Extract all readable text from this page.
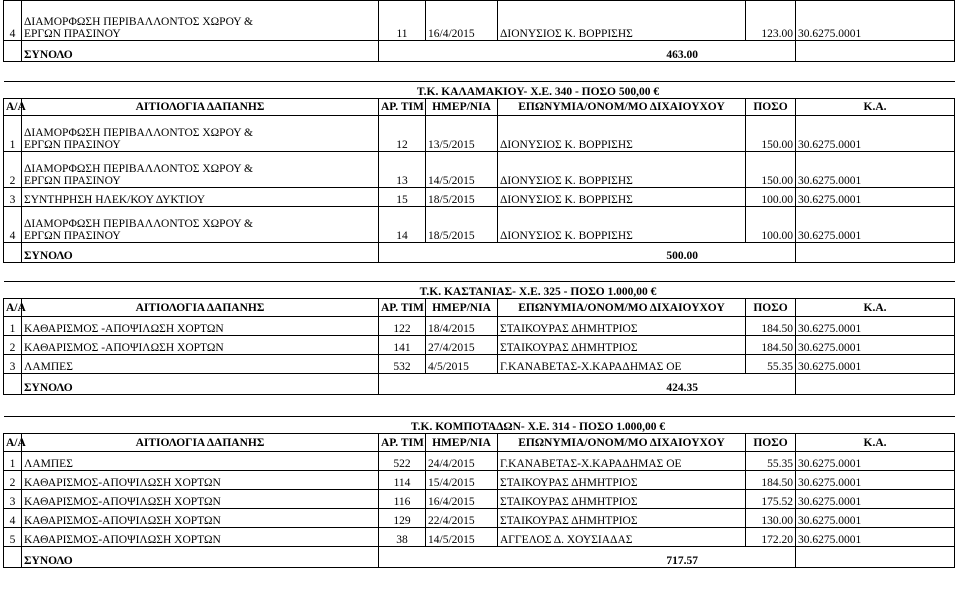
4	ΔΙΑΜΟΡΦΩΣΗ ΠΕΡΙΒΑΛΛΟΝΤΟΣ ΧΩΡΟΥ &
ΕΡΓΩΝ ΠΡΑΣΙΝΟΥ	11	16/4/2015	ΔΙΟΝΥΣΙΟΣ Κ. ΒΟΡΡΙΣΗΣ	123.00	30.6275.0001
	ΣΥΝΟΛΟ	463.00				

Τ.Κ. ΚΑΛΑΜΑΚΙΟΥ- Χ.Ε. 340 - ΠΟΣΟ 500,00 €						
Α/Α	ΑΙΤΙΟΛΟΓΙΑ ΔΑΠΑΝΗΣ	ΑΡ. ΤΙΜ	ΗΜΕΡ/ΝΙΑ	ΕΠΩΝΥΜΙΑ/ΟΝΟΜ/ΜΟ ΔΙΧΑΙΟΥΧΟΥ	ΠΟΣΟ	Κ.Α.
1	ΔΙΑΜΟΡΦΩΣΗ ΠΕΡΙΒΑΛΛΟΝΤΟΣ ΧΩΡΟΥ &
ΕΡΓΩΝ ΠΡΑΣΙΝΟΥ	12	13/5/2015	ΔΙΟΝΥΣΙΟΣ Κ. ΒΟΡΡΙΣΗΣ	150.00	30.6275.0001
2	ΔΙΑΜΟΡΦΩΣΗ ΠΕΡΙΒΑΛΛΟΝΤΟΣ ΧΩΡΟΥ &
ΕΡΓΩΝ ΠΡΑΣΙΝΟΥ	13	14/5/2015	ΔΙΟΝΥΣΙΟΣ Κ. ΒΟΡΡΙΣΗΣ	150.00	30.6275.0001
3	ΣΥΝΤΗΡΗΣΗ ΗΛΕΚ/ΚΟΥ ΔΥΚΤΙΟΥ	15	18/5/2015	ΔΙΟΝΥΣΙΟΣ Κ. ΒΟΡΡΙΣΗΣ	100.00	30.6275.0001
4	ΔΙΑΜΟΡΦΩΣΗ ΠΕΡΙΒΑΛΛΟΝΤΟΣ ΧΩΡΟΥ &
ΕΡΓΩΝ ΠΡΑΣΙΝΟΥ	14	18/5/2015	ΔΙΟΝΥΣΙΟΣ Κ. ΒΟΡΡΙΣΗΣ	100.00	30.6275.0001
	ΣΥΝΟΛΟ	500.00				

Τ.Κ. ΚΑΣΤΑΝΙΑΣ- Χ.Ε. 325 - ΠΟΣΟ 1.000,00 €						
Α/Α	ΑΙΤΙΟΛΟΓΙΑ ΔΑΠΑΝΗΣ	ΑΡ. ΤΙΜ	ΗΜΕΡ/ΝΙΑ	ΕΠΩΝΥΜΙΑ/ΟΝΟΜ/ΜΟ ΔΙΧΑΙΟΥΧΟΥ	ΠΟΣΟ	Κ.Α.
1	ΚΑΘΑΡΙΣΜΟΣ -ΑΠΟΨΙΛΩΣΗ ΧΟΡΤΩΝ	122	18/4/2015	ΣΤΑΙΚΟΥΡΑΣ ΔΗΜΗΤΡΙΟΣ	184.50	30.6275.0001
2	ΚΑΘΑΡΙΣΜΟΣ -ΑΠΟΨΙΛΩΣΗ ΧΟΡΤΩΝ	141	27/4/2015	ΣΤΑΙΚΟΥΡΑΣ ΔΗΜΗΤΡΙΟΣ	184.50	30.6275.0001
3	ΛΑΜΠΕΣ	532	4/5/2015	Γ.ΚΑΝΑΒΕΤΑΣ-Χ.ΚΑΡΑΔΗΜΑΣ ΟΕ	55.35	30.6275.0001
	ΣΥΝΟΛΟ	424.35				

Τ.Κ. ΚΟΜΠΟΤΑΔΩΝ- Χ.Ε. 314 - ΠΟΣΟ 1.000,00 €						
Α/Α	ΑΙΤΙΟΛΟΓΙΑ ΔΑΠΑΝΗΣ	ΑΡ. ΤΙΜ	ΗΜΕΡ/ΝΙΑ	ΕΠΩΝΥΜΙΑ/ΟΝΟΜ/ΜΟ ΔΙΧΑΙΟΥΧΟΥ	ΠΟΣΟ	Κ.Α.
1	ΛΑΜΠΕΣ	522	24/4/2015	Γ.ΚΑΝΑΒΕΤΑΣ-Χ.ΚΑΡΑΔΗΜΑΣ ΟΕ	55.35	30.6275.0001
2	ΚΑΘΑΡΙΣΜΟΣ-ΑΠΟΨΙΛΩΣΗ ΧΟΡΤΩΝ	114	15/4/2015	ΣΤΑΙΚΟΥΡΑΣ ΔΗΜΗΤΡΙΟΣ	184.50	30.6275.0001
3	ΚΑΘΑΡΙΣΜΟΣ-ΑΠΟΨΙΛΩΣΗ ΧΟΡΤΩΝ	116	16/4/2015	ΣΤΑΙΚΟΥΡΑΣ ΔΗΜΗΤΡΙΟΣ	175.52	30.6275.0001
4	ΚΑΘΑΡΙΣΜΟΣ-ΑΠΟΨΙΛΩΣΗ ΧΟΡΤΩΝ	129	22/4/2015	ΣΤΑΙΚΟΥΡΑΣ ΔΗΜΗΤΡΙΟΣ	130.00	30.6275.0001
5	ΚΑΘΑΡΙΣΜΟΣ-ΑΠΟΨΙΛΩΣΗ ΧΟΡΤΩΝ	38	14/5/2015	ΑΓΓΕΛΟΣ Δ. ΧΟΥΣΙΑΔΑΣ	172.20	30.6275.0001
	ΣΥΝΟΛΟ	717.57				
